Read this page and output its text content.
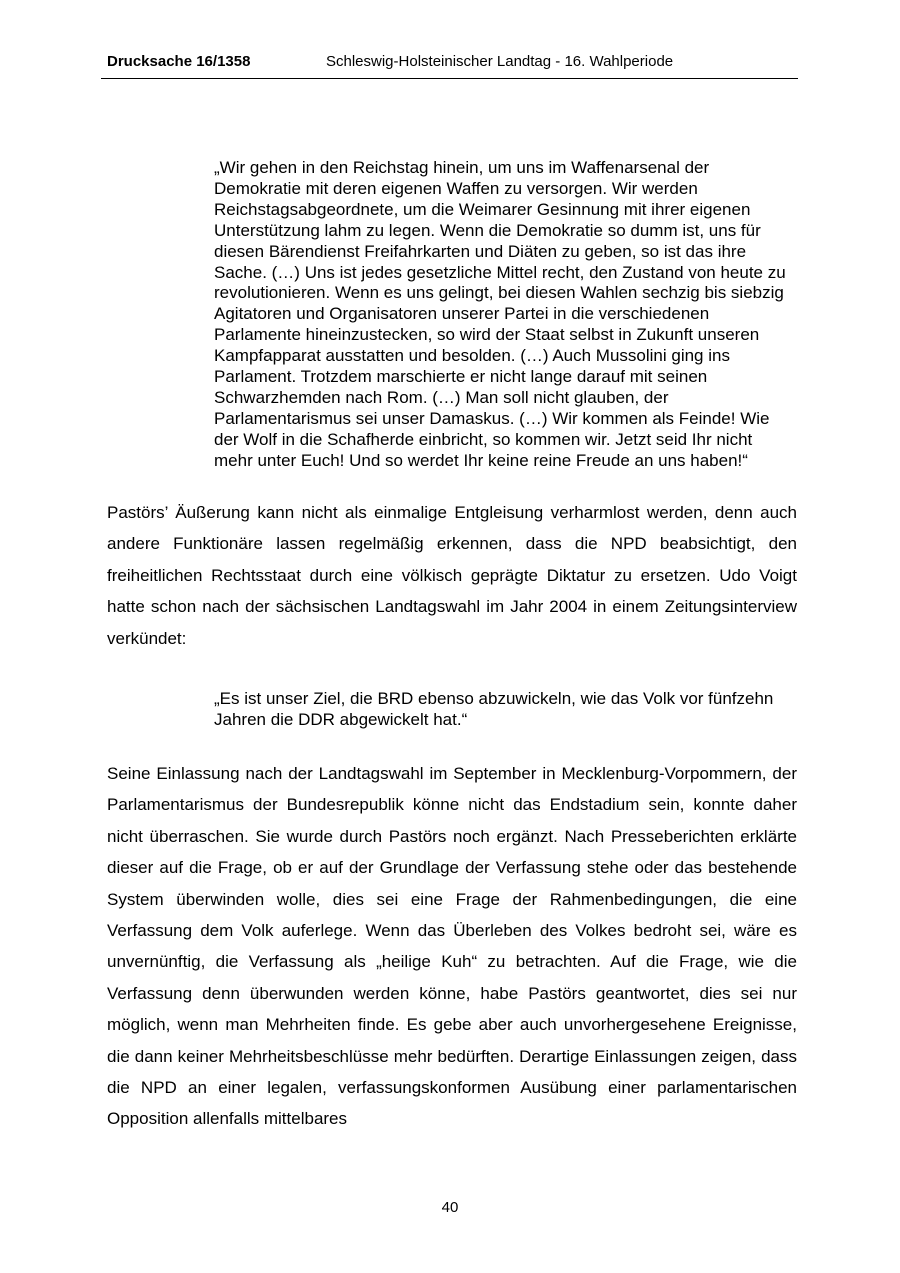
Drucksache 16/1358	Schleswig-Holsteinischer Landtag - 16. Wahlperiode
„Wir gehen in den Reichstag hinein, um uns im Waffenarsenal der Demokratie mit deren eigenen Waffen zu versorgen. Wir werden Reichstagsabgeordnete, um die Weimarer Gesinnung mit ihrer eigenen Unterstützung lahm zu legen. Wenn die Demokratie so dumm ist, uns für diesen Bärendienst Freifahrkarten und Diäten zu geben, so ist das ihre Sache. (…) Uns ist jedes gesetzliche Mittel recht, den Zustand von heute zu revolutionieren. Wenn es uns gelingt, bei diesen Wahlen sechzig bis siebzig Agitatoren und Organisatoren unserer Partei in die verschiedenen Parlamente hineinzustecken, so wird der Staat selbst in Zukunft unseren Kampfapparat ausstatten und besolden. (…) Auch Mussolini ging ins Parlament. Trotzdem marschierte er nicht lange darauf mit seinen Schwarzhemden nach Rom. (…) Man soll nicht glauben, der Parlamentarismus sei unser Damaskus. (…) Wir kommen als Feinde! Wie der Wolf in die Schafherde einbricht, so kommen wir. Jetzt seid Ihr nicht mehr unter Euch! Und so werdet Ihr keine reine Freude an uns haben!“
Pastörs’ Äußerung kann nicht als einmalige Entgleisung verharmlost werden, denn auch andere Funktionäre lassen regelmäßig erkennen, dass die NPD beabsichtigt, den freiheitlichen Rechtsstaat durch eine völkisch geprägte Diktatur zu ersetzen. Udo Voigt hatte schon nach der sächsischen Landtagswahl im Jahr 2004 in einem Zeitungsinterview verkündet:
„Es ist unser Ziel, die BRD ebenso abzuwickeln, wie das Volk vor fünfzehn Jahren die DDR abgewickelt hat.“
Seine Einlassung nach der Landtagswahl im September in Mecklenburg-Vorpommern, der Parlamentarismus der Bundesrepublik könne nicht das Endstadium sein, konnte daher nicht überraschen. Sie wurde durch Pastörs noch ergänzt. Nach Presseberichten erklärte dieser auf die Frage, ob er auf der Grundlage der Verfassung stehe oder das bestehende System überwinden wolle, dies sei eine Frage der Rahmenbedingungen, die eine Verfassung dem Volk auferlege. Wenn das Überleben des Volkes bedroht sei, wäre es unvernünftig, die Verfassung als „heilige Kuh“ zu betrachten. Auf die Frage, wie die Verfassung denn überwunden werden könne, habe Pastörs geantwortet, dies sei nur möglich, wenn man Mehrheiten finde. Es gebe aber auch unvorhergesehene Ereignisse, die dann keiner Mehrheitsbeschlüsse mehr bedürften. Derartige Einlassungen zeigen, dass die NPD an einer legalen, verfassungskonformen Ausübung einer parlamentarischen Opposition allenfalls mittelbares
40
